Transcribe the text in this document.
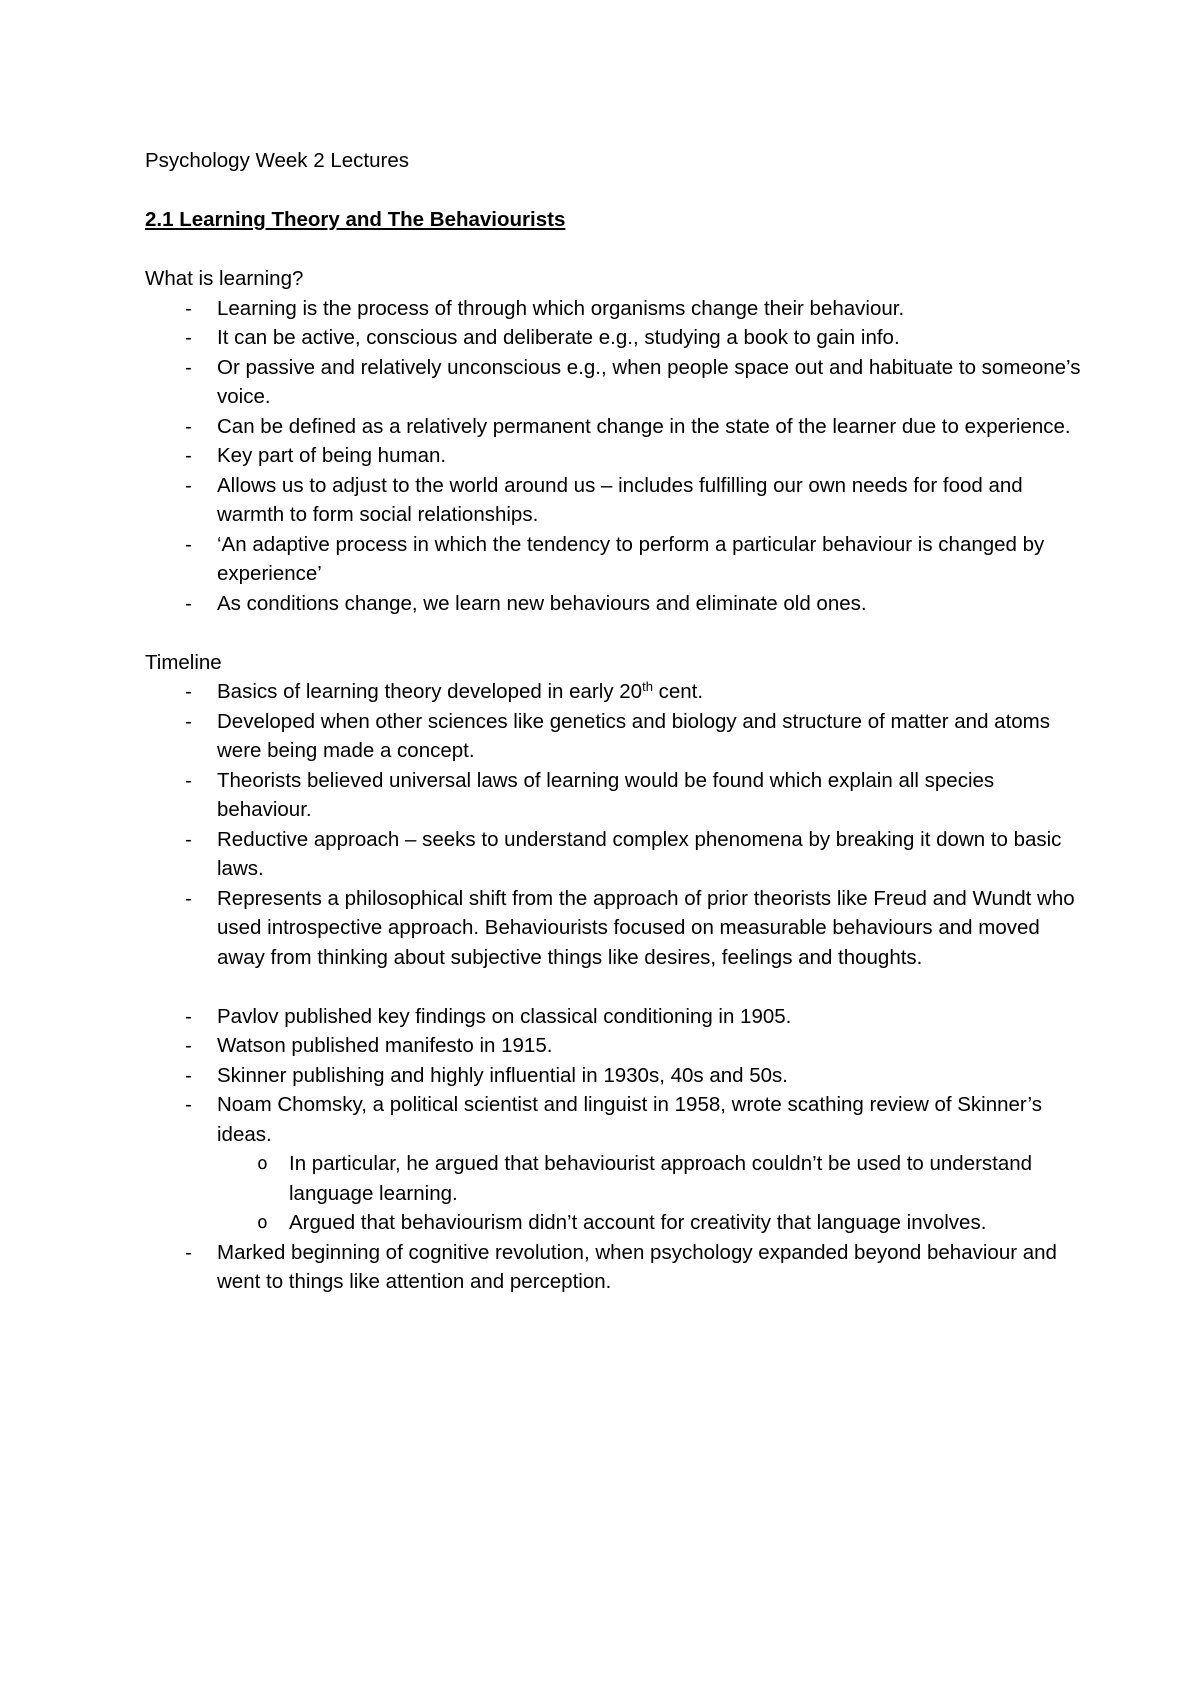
Psychology Week 2 Lectures

2.1 Learning Theory and The Behaviourists

What is learning?

- Learning is the process of through which organisms change their behaviour.
- It can be active, conscious and deliberate e.g., studying a book to gain info.
- Or passive and relatively unconscious e.g., when people space out and habituate to someone’s voice.
- Can be defined as a relatively permanent change in the state of the learner due to experience.
- Key part of being human.
- Allows us to adjust to the world around us – includes fulfilling our own needs for food and warmth to form social relationships.
- ‘An adaptive process in which the tendency to perform a particular behaviour is changed by experience’
- As conditions change, we learn new behaviours and eliminate old ones.

Timeline

- Basics of learning theory developed in early 20th cent.
- Developed when other sciences like genetics and biology and structure of matter and atoms were being made a concept.
- Theorists believed universal laws of learning would be found which explain all species behaviour.
- Reductive approach – seeks to understand complex phenomena by breaking it down to basic laws.
- Represents a philosophical shift from the approach of prior theorists like Freud and Wundt who used introspective approach. Behaviourists focused on measurable behaviours and moved away from thinking about subjective things like desires, feelings and thoughts.
- Pavlov published key findings on classical conditioning in 1905.
- Watson published manifesto in 1915.
- Skinner publishing and highly influential in 1930s, 40s and 50s.
- Noam Chomsky, a political scientist and linguist in 1958, wrote scathing review of Skinner’s ideas.
o In particular, he argued that behaviourist approach couldn’t be used to understand language learning.
o Argued that behaviourism didn’t account for creativity that language involves.
- Marked beginning of cognitive revolution, when psychology expanded beyond behaviour and went to things like attention and perception.
